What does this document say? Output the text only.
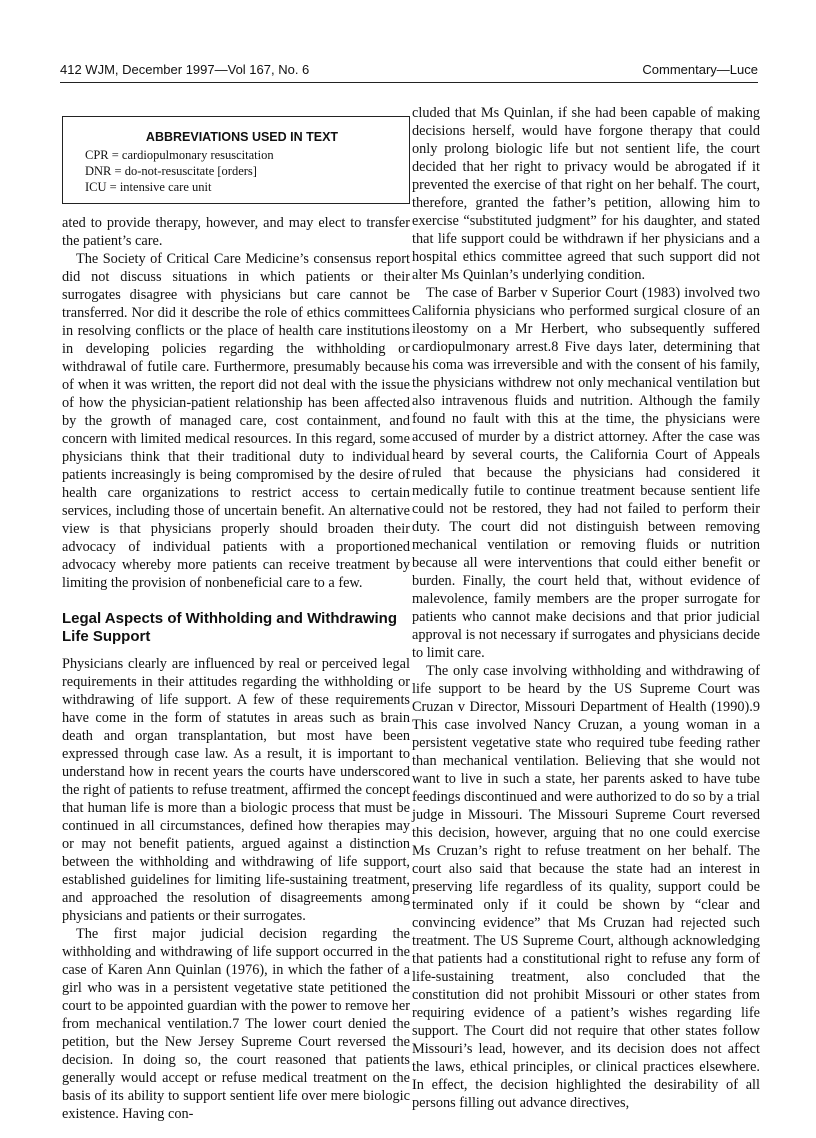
412 WJM, December 1997—Vol 167, No. 6	Commentary—Luce
ABBREVIATIONS USED IN TEXT
CPR = cardiopulmonary resuscitation
DNR = do-not-resuscitate [orders]
ICU = intensive care unit

ated to provide therapy, however, and may elect to transfer the patient’s care.

The Society of Critical Care Medicine’s consensus report did not discuss situations in which patients or their surrogates disagree with physicians but care cannot be transferred. Nor did it describe the role of ethics committees in resolving conflicts or the place of health care institutions in developing policies regarding the withholding or withdrawal of futile care. Furthermore, presumably because of when it was written, the report did not deal with the issue of how the physician-patient relationship has been affected by the growth of managed care, cost containment, and concern with limited medical resources. In this regard, some physicians think that their traditional duty to individual patients increasingly is being compromised by the desire of health care organizations to restrict access to certain services, including those of uncertain benefit. An alternative view is that physicians properly should broaden their advocacy of individual patients with a proportioned advocacy whereby more patients can receive treatment by limiting the provision of nonbeneficial care to a few.

Legal Aspects of Withholding and Withdrawing Life Support

Physicians clearly are influenced by real or perceived legal requirements in their attitudes regarding the withholding or withdrawing of life support. A few of these requirements have come in the form of statutes in areas such as brain death and organ transplantation, but most have been expressed through case law. As a result, it is important to understand how in recent years the courts have underscored the right of patients to refuse treatment, affirmed the concept that human life is more than a biologic process that must be continued in all circumstances, defined how therapies may or may not benefit patients, argued against a distinction between the withholding and withdrawing of life support, established guidelines for limiting life-sustaining treatment, and approached the resolution of disagreements among physicians and patients or their surrogates.

The first major judicial decision regarding the withholding and withdrawing of life support occurred in the case of Karen Ann Quinlan (1976), in which the father of a girl who was in a persistent vegetative state petitioned the court to be appointed guardian with the power to remove her from mechanical ventilation.7 The lower court denied the petition, but the New Jersey Supreme Court reversed the decision. In doing so, the court reasoned that patients generally would accept or refuse medical treatment on the basis of its ability to support sentient life over mere biologic existence. Having con-

cluded that Ms Quinlan, if she had been capable of making decisions herself, would have forgone therapy that could only prolong biologic life but not sentient life, the court decided that her right to privacy would be abrogated if it prevented the exercise of that right on her behalf. The court, therefore, granted the father’s petition, allowing him to exercise “substituted judgment” for his daughter, and stated that life support could be withdrawn if her physicians and a hospital ethics committee agreed that such support did not alter Ms Quinlan’s underlying condition.

The case of Barber v Superior Court (1983) involved two California physicians who performed surgical closure of an ileostomy on a Mr Herbert, who subsequently suffered cardiopulmonary arrest.8 Five days later, determining that his coma was irreversible and with the consent of his family, the physicians withdrew not only mechanical ventilation but also intravenous fluids and nutrition. Although the family found no fault with this at the time, the physicians were accused of murder by a district attorney. After the case was heard by several courts, the California Court of Appeals ruled that because the physicians had considered it medically futile to continue treatment because sentient life could not be restored, they had not failed to perform their duty. The court did not distinguish between removing mechanical ventilation or removing fluids or nutrition because all were interventions that could either benefit or burden. Finally, the court held that, without evidence of malevolence, family members are the proper surrogate for patients who cannot make decisions and that prior judicial approval is not necessary if surrogates and physicians decide to limit care.

The only case involving withholding and withdrawing of life support to be heard by the US Supreme Court was Cruzan v Director, Missouri Department of Health (1990).9 This case involved Nancy Cruzan, a young woman in a persistent vegetative state who required tube feeding rather than mechanical ventilation. Believing that she would not want to live in such a state, her parents asked to have tube feedings discontinued and were authorized to do so by a trial judge in Missouri. The Missouri Supreme Court reversed this decision, however, arguing that no one could exercise Ms Cruzan’s right to refuse treatment on her behalf. The court also said that because the state had an interest in preserving life regardless of its quality, support could be terminated only if it could be shown by “clear and convincing evidence” that Ms Cruzan had rejected such treatment. The US Supreme Court, although acknowledging that patients had a constitutional right to refuse any form of life-sustaining treatment, also concluded that the constitution did not prohibit Missouri or other states from requiring evidence of a patient’s wishes regarding life support. The Court did not require that other states follow Missouri’s lead, however, and its decision does not affect the laws, ethical principles, or clinical practices elsewhere. In effect, the decision highlighted the desirability of all persons filling out advance directives,
